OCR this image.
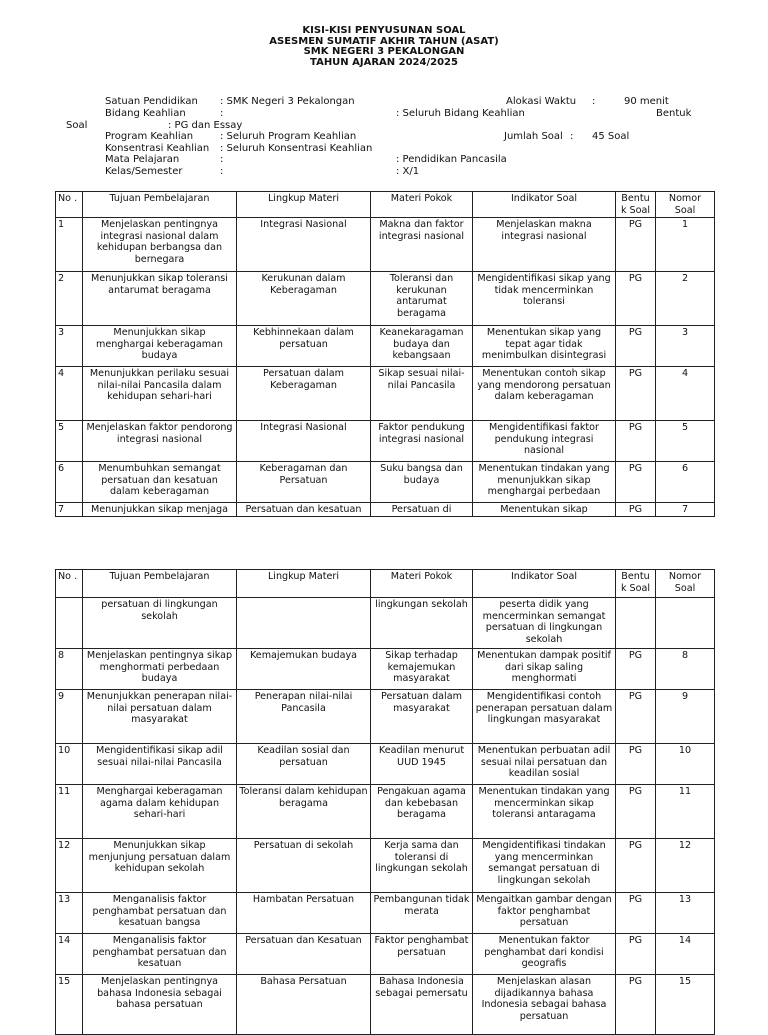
KISI-KISI PENYUSUNAN SOAL
ASESMEN SUMATIF AKHIR TAHUN (ASAT)
SMK NEGERI 3 PEKALONGAN
TAHUN AJARAN 2024/2025
Satuan Pendidikan : SMK Negeri 3 Pekalongan	Alokasi Waktu :	90 menit
Bidang Keahlian	:	: Seluruh Bidang Keahlian	Bentuk
Soal	: PG dan Essay
Program Keahlian	: Seluruh Program Keahlian	Jumlah Soal : 45 Soal
Konsentrasi Keahlian : Seluruh Konsentrasi Keahlian
Mata Pelajaran	:	: Pendidikan Pancasila
Kelas/Semester	:	: X/1
No .	Tujuan Pembelajaran	Lingkup Materi	Materi Pokok	Indikator Soal	Bentu k Soal	Nomor Soal
1	Menjelaskan pentingnya integrasi nasional dalam kehidupan berbangsa dan bernegara	Integrasi Nasional	Makna dan faktor integrasi nasional	Menjelaskan makna integrasi nasional	PG	1
2	Menunjukkan sikap toleransi antarumat beragama	Kerukunan dalam Keberagaman	Toleransi dan kerukunan antarumat beragama	Mengidentifikasi sikap yang tidak mencerminkan toleransi	PG	2
3	Menunjukkan sikap menghargai keberagaman budaya	Kebhinnekaan dalam persatuan	Keanekaragaman budaya dan kebangsaan	Menentukan sikap yang tepat agar tidak menimbulkan disintegrasi	PG	3
4	Menunjukkan perilaku sesuai nilai-nilai Pancasila dalam kehidupan sehari-hari	Persatuan dalam Keberagaman	Sikap sesuai nilai-nilai Pancasila	Menentukan contoh sikap yang mendorong persatuan dalam keberagaman	PG	4
5	Menjelaskan faktor pendorong integrasi nasional	Integrasi Nasional	Faktor pendukung integrasi nasional	Mengidentifikasi faktor pendukung integrasi nasional	PG	5
6	Menumbuhkan semangat persatuan dan kesatuan dalam keberagaman	Keberagaman dan Persatuan	Suku bangsa dan budaya	Menentukan tindakan yang menunjukkan sikap menghargai perbedaan	PG	6
7	Menunjukkan sikap menjaga	Persatuan dan kesatuan	Persatuan di	Menentukan sikap	PG	7
No .	Tujuan Pembelajaran	Lingkup Materi	Materi Pokok	Indikator Soal	Bentu k Soal	Nomor Soal
	persatuan di lingkungan sekolah		lingkungan sekolah	peserta didik yang mencerminkan semangat persatuan di lingkungan sekolah		
8	Menjelaskan pentingnya sikap menghormati perbedaan budaya	Kemajemukan budaya	Sikap terhadap kemajemukan masyarakat	Menentukan dampak positif dari sikap saling menghormati	PG	8
9	Menunjukkan penerapan nilai-nilai persatuan dalam masyarakat	Penerapan nilai-nilai Pancasila	Persatuan dalam masyarakat	Mengidentifikasi contoh penerapan persatuan dalam lingkungan masyarakat	PG	9
10	Mengidentifikasi sikap adil sesuai nilai-nilai Pancasila	Keadilan sosial dan persatuan	Keadilan menurut UUD 1945	Menentukan perbuatan adil sesuai nilai persatuan dan keadilan sosial	PG	10
11	Menghargai keberagaman agama dalam kehidupan sehari-hari	Toleransi dalam kehidupan beragama	Pengakuan agama dan kebebasan beragama	Menentukan tindakan yang mencerminkan sikap toleransi antaragama	PG	11
12	Menunjukkan sikap menjunjung persatuan dalam kehidupan sekolah	Persatuan di sekolah	Kerja sama dan toleransi di lingkungan sekolah	Mengidentifikasi tindakan yang mencerminkan semangat persatuan di lingkungan sekolah	PG	12
13	Menganalisis faktor penghambat persatuan dan kesatuan bangsa	Hambatan Persatuan	Pembangunan tidak merata	Mengaitkan gambar dengan faktor penghambat persatuan	PG	13
14	Menganalisis faktor penghambat persatuan dan kesatuan	Persatuan dan Kesatuan	Faktor penghambat persatuan	Menentukan faktor penghambat dari kondisi geografis	PG	14
15	Menjelaskan pentingnya bahasa Indonesia sebagai bahasa persatuan	Bahasa Persatuan	Bahasa Indonesia sebagai pemersatu	Menjelaskan alasan dijadikannya bahasa Indonesia sebagai bahasa persatuan	PG	15
